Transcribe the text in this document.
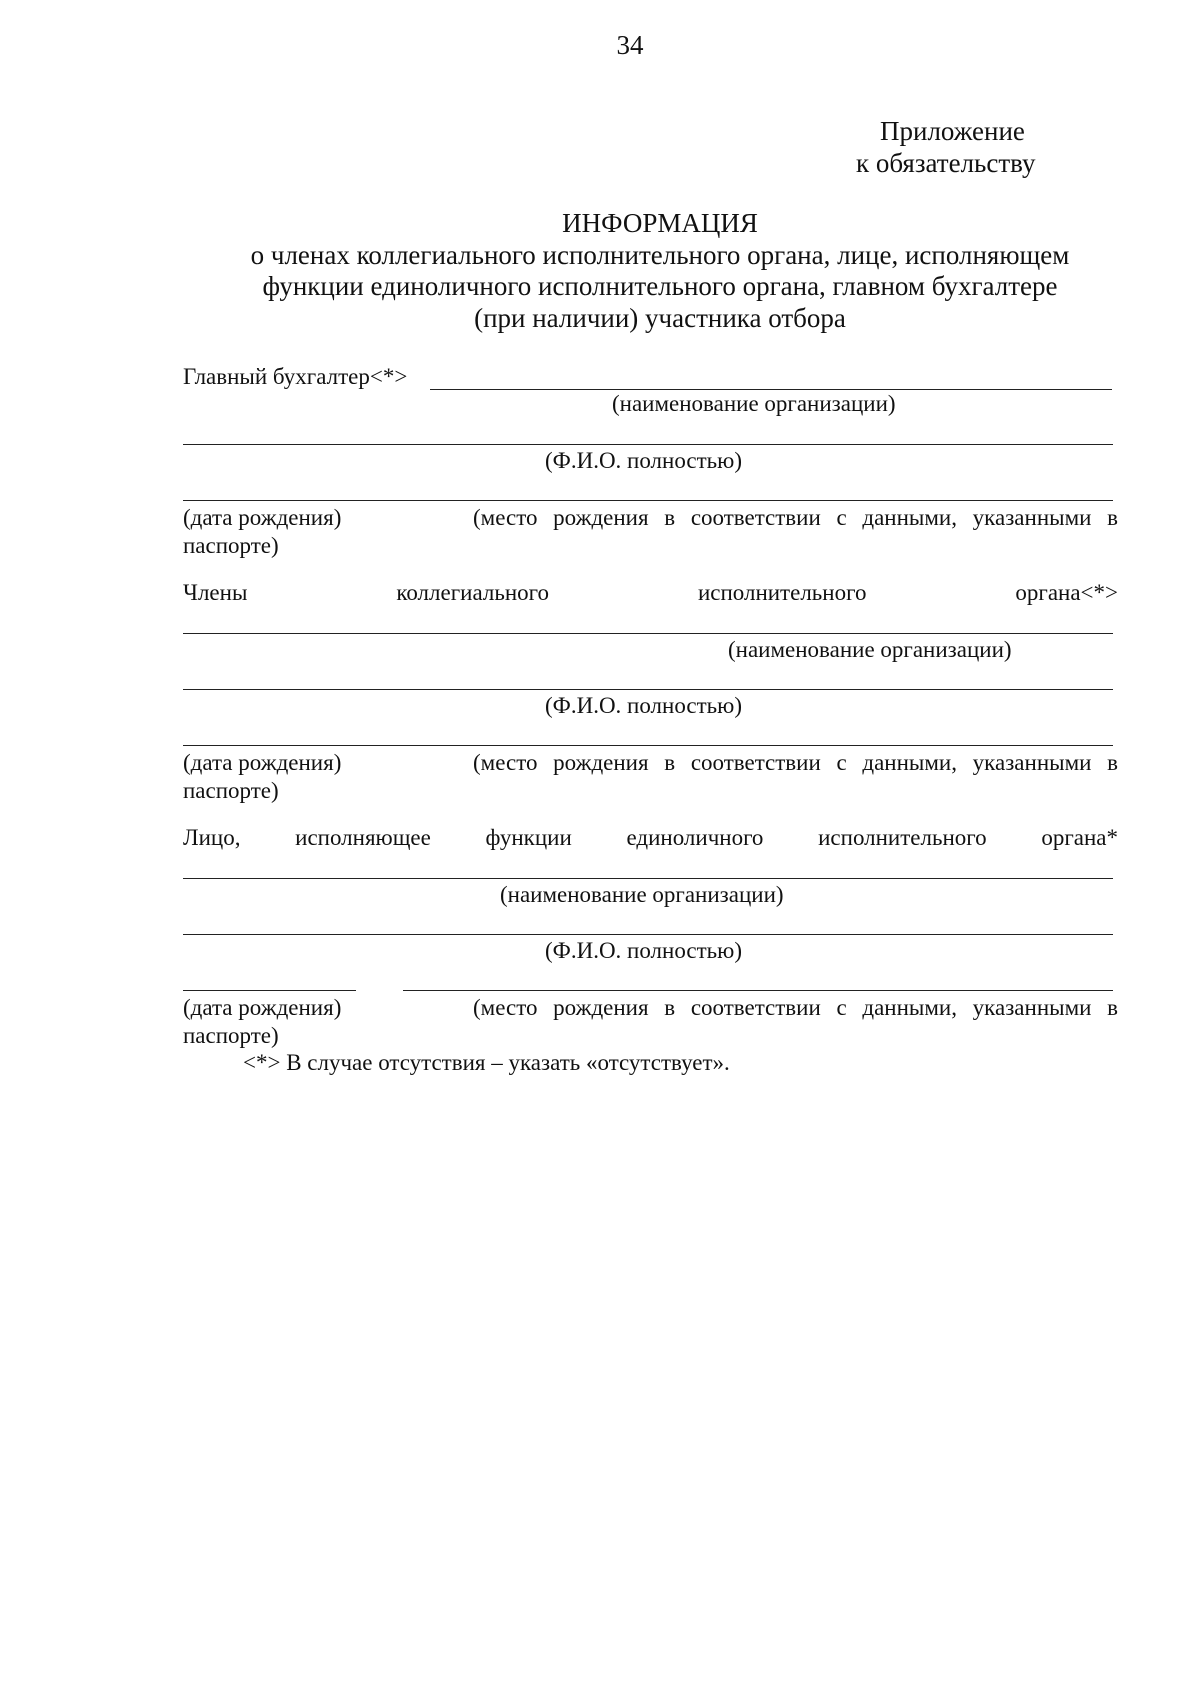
34
Приложение
к обязательству
ИНФОРМАЦИЯ
о членах коллегиального исполнительного органа, лице, исполняющем
функции единоличного исполнительного органа, главном бухгалтере
(при наличии) участника отбора
Главный бухгалтер<*>
(наименование организации)
(Ф.И.О. полностью)
(дата рождения)	(место рождения в соответствии с данными, указанными в
паспорте)
Члены	коллегиального	исполнительного	органа<*>
(наименование организации)
(Ф.И.О. полностью)
(дата рождения)	(место рождения в соответствии с данными, указанными в
паспорте)
Лицо, исполняющее функции единоличного исполнительного органа*
(наименование организации)
(Ф.И.О. полностью)
(дата рождения)	(место рождения в соответствии с данными, указанными в
паспорте)
<*> В случае отсутствия – указать «отсутствует».
